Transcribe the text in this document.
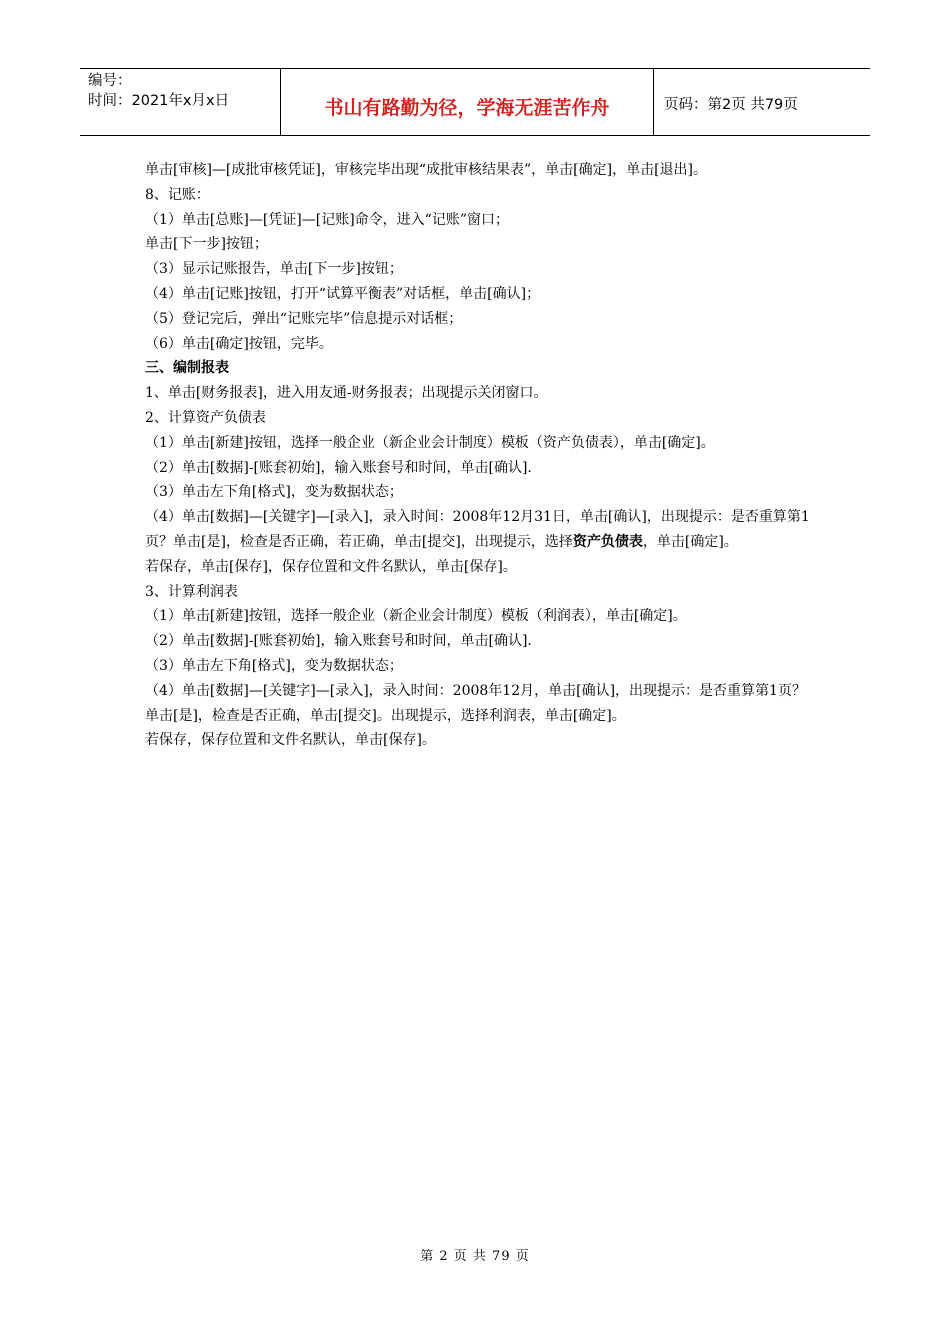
编号：
时间：2021年x月x日	书山有路勤为径，学海无涯苦作舟	页码：第2页 共79页

单击[审核]—[成批审核凭证]，审核完毕出现“成批审核结果表”，单击[确定]，单击[退出]。

8、记账：

（1）单击[总账]—[凭证]—[记账]命令，进入“记账”窗口；

单击[下一步]按钮；

（3）显示记账报告，单击[下一步]按钮；

（4）单击[记账]按钮，打开“试算平衡表”对话框，单击[确认]；

（5）登记完后，弹出“记账完毕”信息提示对话框；

（6）单击[确定]按钮，完毕。

三、编制报表

1、单击[财务报表]，进入用友通-财务报表；出现提示关闭窗口。

2、计算资产负债表

（1）单击[新建]按钮，选择一般企业（新企业会计制度）模板（资产负债表），单击[确定]。

（2）单击[数据]-[账套初始]，输入账套号和时间，单击[确认].

（3）单击左下角[格式]，变为数据状态；

（4）单击[数据]—[关键字]—[录入]，录入时间：2008年12月31日，单击[确认]，出现提示：是否重算第1页？单击[是]，检查是否正确，若正确，单击[提交]，出现提示，选择资产负债表，单击[确定]。

若保存，单击[保存]，保存位置和文件名默认，单击[保存]。

3、计算利润表

（1）单击[新建]按钮，选择一般企业（新企业会计制度）模板（利润表），单击[确定]。

（2）单击[数据]-[账套初始]，输入账套号和时间，单击[确认].

（3）单击左下角[格式]，变为数据状态；

（4）单击[数据]—[关键字]—[录入]，录入时间：2008年12月，单击[确认]，出现提示：是否重算第1页？单击[是]，检查是否正确，单击[提交]。出现提示，选择利润表，单击[确定]。

若保存，保存位置和文件名默认，单击[保存]。

第 2 页 共 79 页
